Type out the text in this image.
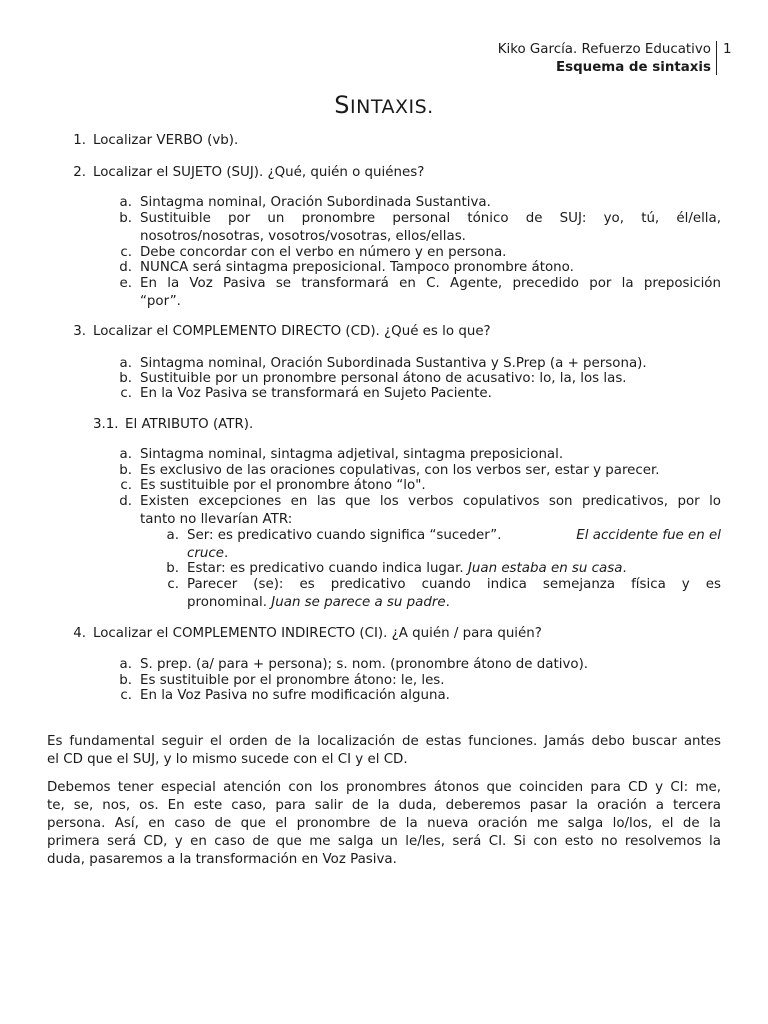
Kiko García. Refuerzo Educativo
Esquema de sintaxis
1
SINTAXIS.
1. Localizar VERBO (vb).
2. Localizar el SUJETO (SUJ). ¿Qué, quién o quiénes?
a. Sintagma nominal, Oración Subordinada Sustantiva.
b. Sustituible por un pronombre personal tónico de SUJ: yo, tú, él/ella,
nosotros/nosotras, vosotros/vosotras, ellos/ellas.
c. Debe concordar con el verbo en número y en persona.
d. NUNCA será sintagma preposicional. Tampoco pronombre átono.
e. En la Voz Pasiva se transformará en C. Agente, precedido por la preposición
“por”.
3. Localizar el COMPLEMENTO DIRECTO (CD). ¿Qué es lo que?
a. Sintagma nominal, Oración Subordinada Sustantiva y S.Prep (a + persona).
b. Sustituible por un pronombre personal átono de acusativo: lo, la, los las.
c. En la Voz Pasiva se transformará en Sujeto Paciente.
3.1. El ATRIBUTO (ATR).
a. Sintagma nominal, sintagma adjetival, sintagma preposicional.
b. Es exclusivo de las oraciones copulativas, con los verbos ser, estar y parecer.
c. Es sustituible por el pronombre átono “lo".
d. Existen excepciones en las que los verbos copulativos son predicativos, por lo
tanto no llevarían ATR:
a. Ser: es predicativo cuando significa “suceder”.	El accidente fue en el
cruce.
b. Estar: es predicativo cuando indica lugar. Juan estaba en su casa.
c. Parecer (se): es predicativo cuando indica semejanza física y es
pronominal. Juan se parece a su padre.
4. Localizar el COMPLEMENTO INDIRECTO (CI). ¿A quién / para quién?
a. S. prep. (a/ para + persona); s. nom. (pronombre átono de dativo).
b. Es sustituible por el pronombre átono: le, les.
c. En la Voz Pasiva no sufre modificación alguna.
Es fundamental seguir el orden de la localización de estas funciones. Jamás debo buscar antes
el CD que el SUJ, y lo mismo sucede con el CI y el CD.
Debemos tener especial atención con los pronombres átonos que coinciden para CD y CI: me,
te, se, nos, os. En este caso, para salir de la duda, deberemos pasar la oración a tercera
persona. Así, en caso de que el pronombre de la nueva oración me salga lo/los, el de la
primera será CD, y en caso de que me salga un le/les, será CI. Si con esto no resolvemos la
duda, pasaremos a la transformación en Voz Pasiva.
